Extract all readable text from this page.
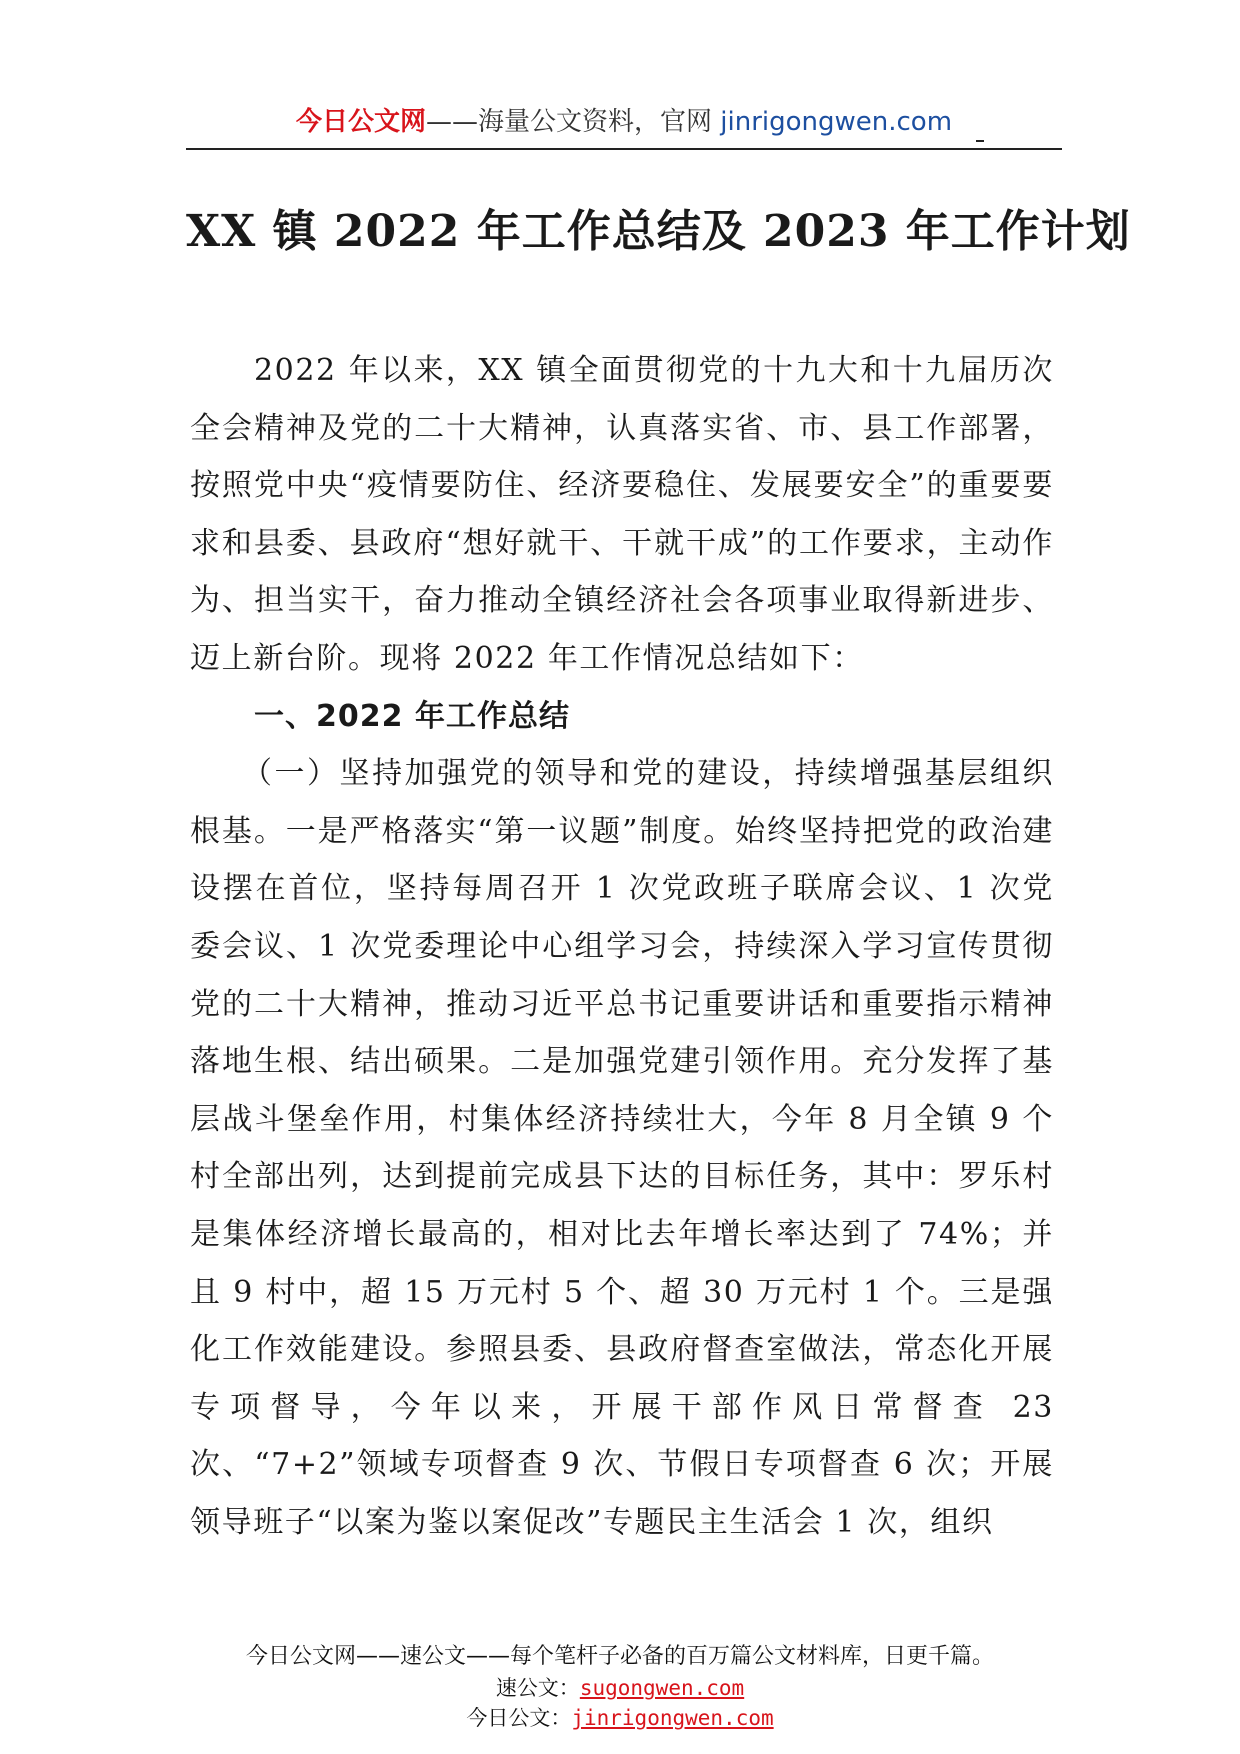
今日公文网——海量公文资料，官网 jinrigongwen.com
XX 镇 2022 年工作总结及 2023 年工作计划

2022 年以来，XX 镇全面贯彻党的十九大和十九届历次全会精神及党的二十大精神，认真落实省、市、县工作部署，按照党中央“疫情要防住、经济要稳住、发展要安全”的重要要求和县委、县政府“想好就干、干就干成”的工作要求，主动作为、担当实干，奋力推动全镇经济社会各项事业取得新进步、迈上新台阶。现将 2022 年工作情况总结如下：

一、2022 年工作总结

（一）坚持加强党的领导和党的建设，持续增强基层组织根基。一是严格落实“第一议题”制度。始终坚持把党的政治建设摆在首位，坚持每周召开 1 次党政班子联席会议、1 次党委会议、1 次党委理论中心组学习会，持续深入学习宣传贯彻党的二十大精神，推动习近平总书记重要讲话和重要指示精神落地生根、结出硕果。二是加强党建引领作用。充分发挥了基层战斗堡垒作用，村集体经济持续壮大，今年 8 月全镇 9 个村全部出列，达到提前完成县下达的目标任务，其中：罗乐村是集体经济增长最高的，相对比去年增长率达到了 74%；并且 9 村中，超 15 万元村 5 个、超 30 万元村 1 个。三是强化工作效能建设。参照县委、县政府督查室做法，常态化开展专项督导，今年以来，开展干部作风日常督查 23 次、“7+2”领域专项督查 9 次、节假日专项督查 6 次；开展领导班子“以案为鉴以案促改”专题民主生活会 1 次，组织

今日公文网——速公文——每个笔杆子必备的百万篇公文材料库，日更千篇。
速公文：sugongwen.com
今日公文：jinrigongwen.com
